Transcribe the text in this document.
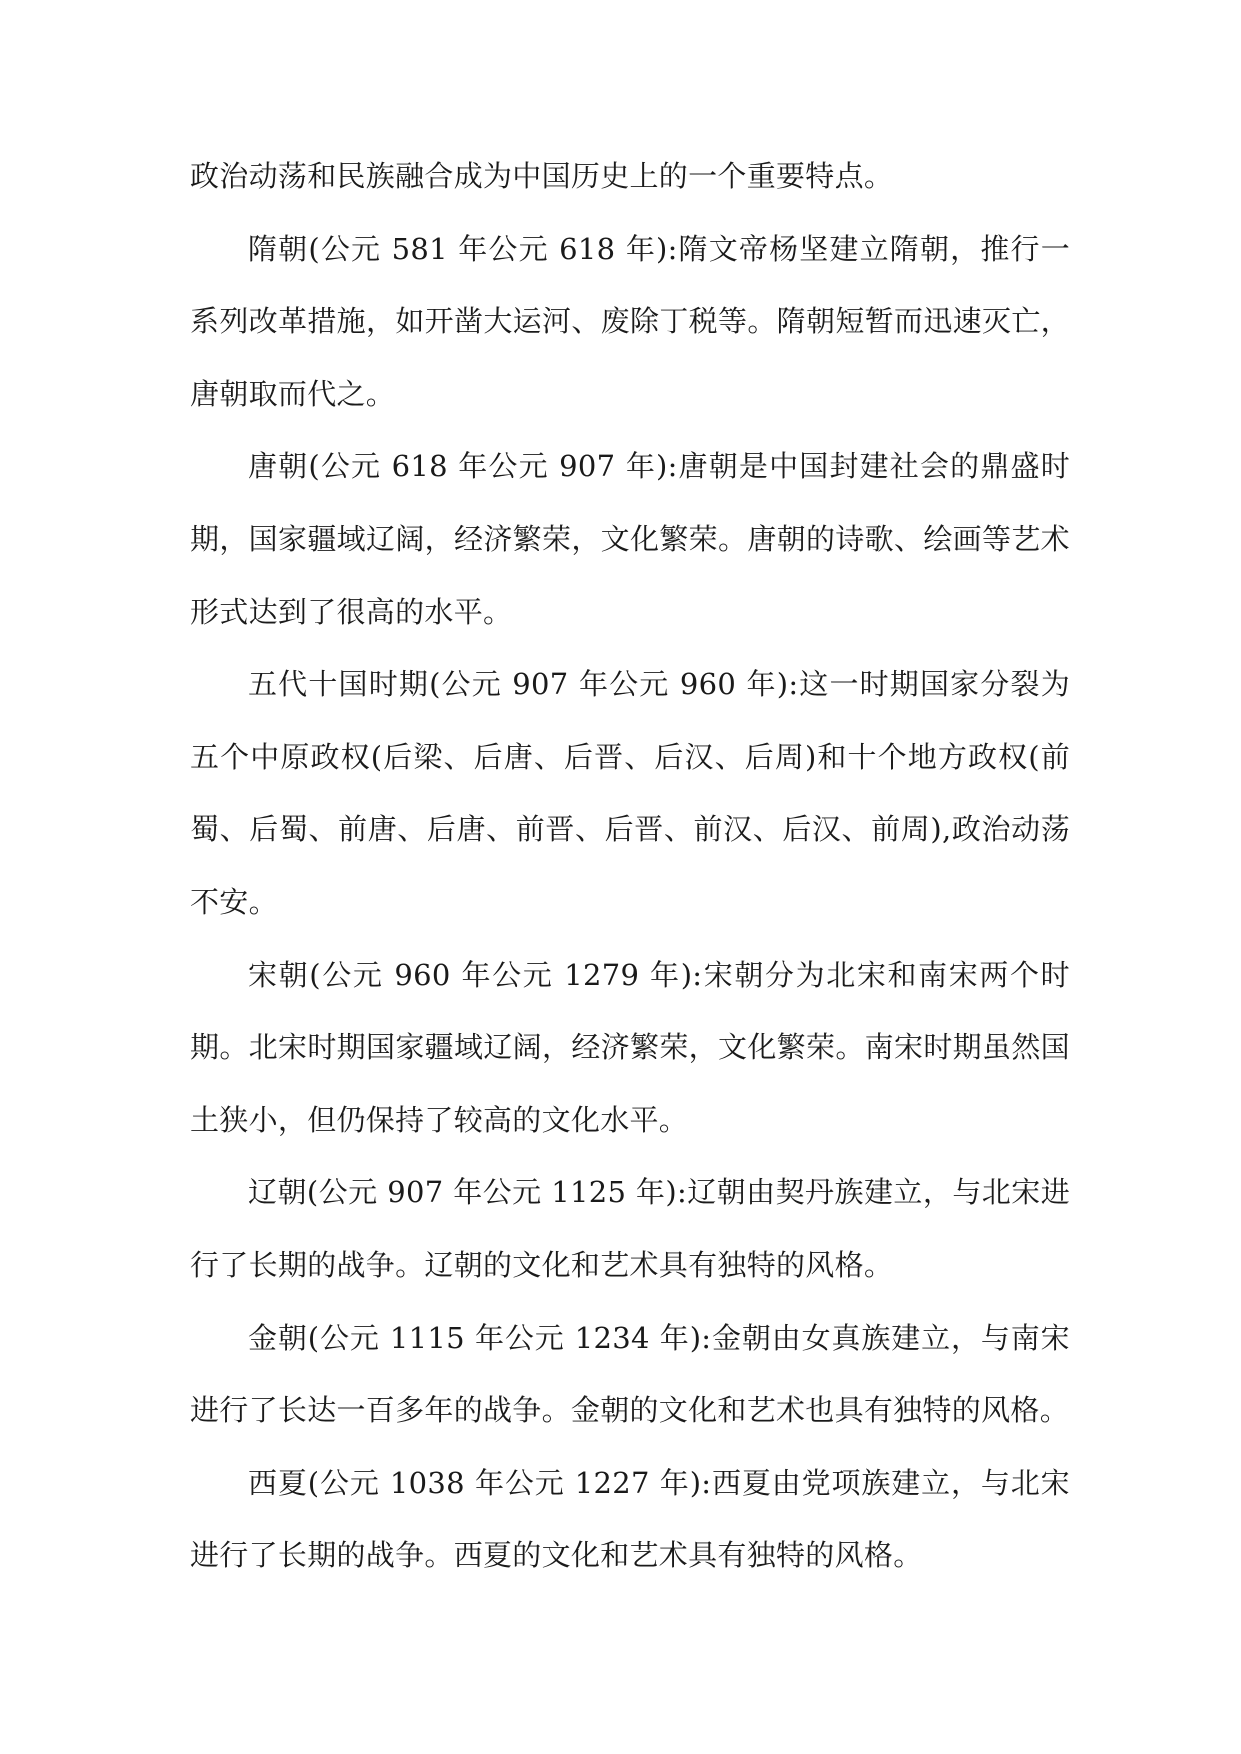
政治动荡和民族融合成为中国历史上的一个重要特点。

隋朝(公元 581 年公元 618 年):隋文帝杨坚建立隋朝，推行一系列改革措施，如开凿大运河、废除丁税等。隋朝短暂而迅速灭亡，唐朝取而代之。

唐朝(公元 618 年公元 907 年):唐朝是中国封建社会的鼎盛时期，国家疆域辽阔，经济繁荣，文化繁荣。唐朝的诗歌、绘画等艺术形式达到了很高的水平。

五代十国时期(公元 907 年公元 960 年):这一时期国家分裂为五个中原政权(后梁、后唐、后晋、后汉、后周)和十个地方政权(前蜀、后蜀、前唐、后唐、前晋、后晋、前汉、后汉、前周),政治动荡不安。

宋朝(公元 960 年公元 1279 年):宋朝分为北宋和南宋两个时期。北宋时期国家疆域辽阔，经济繁荣，文化繁荣。南宋时期虽然国土狭小，但仍保持了较高的文化水平。

辽朝(公元 907 年公元 1125 年):辽朝由契丹族建立，与北宋进行了长期的战争。辽朝的文化和艺术具有独特的风格。

金朝(公元 1115 年公元 1234 年):金朝由女真族建立，与南宋进行了长达一百多年的战争。金朝的文化和艺术也具有独特的风格。

西夏(公元 1038 年公元 1227 年):西夏由党项族建立，与北宋进行了长期的战争。西夏的文化和艺术具有独特的风格。
